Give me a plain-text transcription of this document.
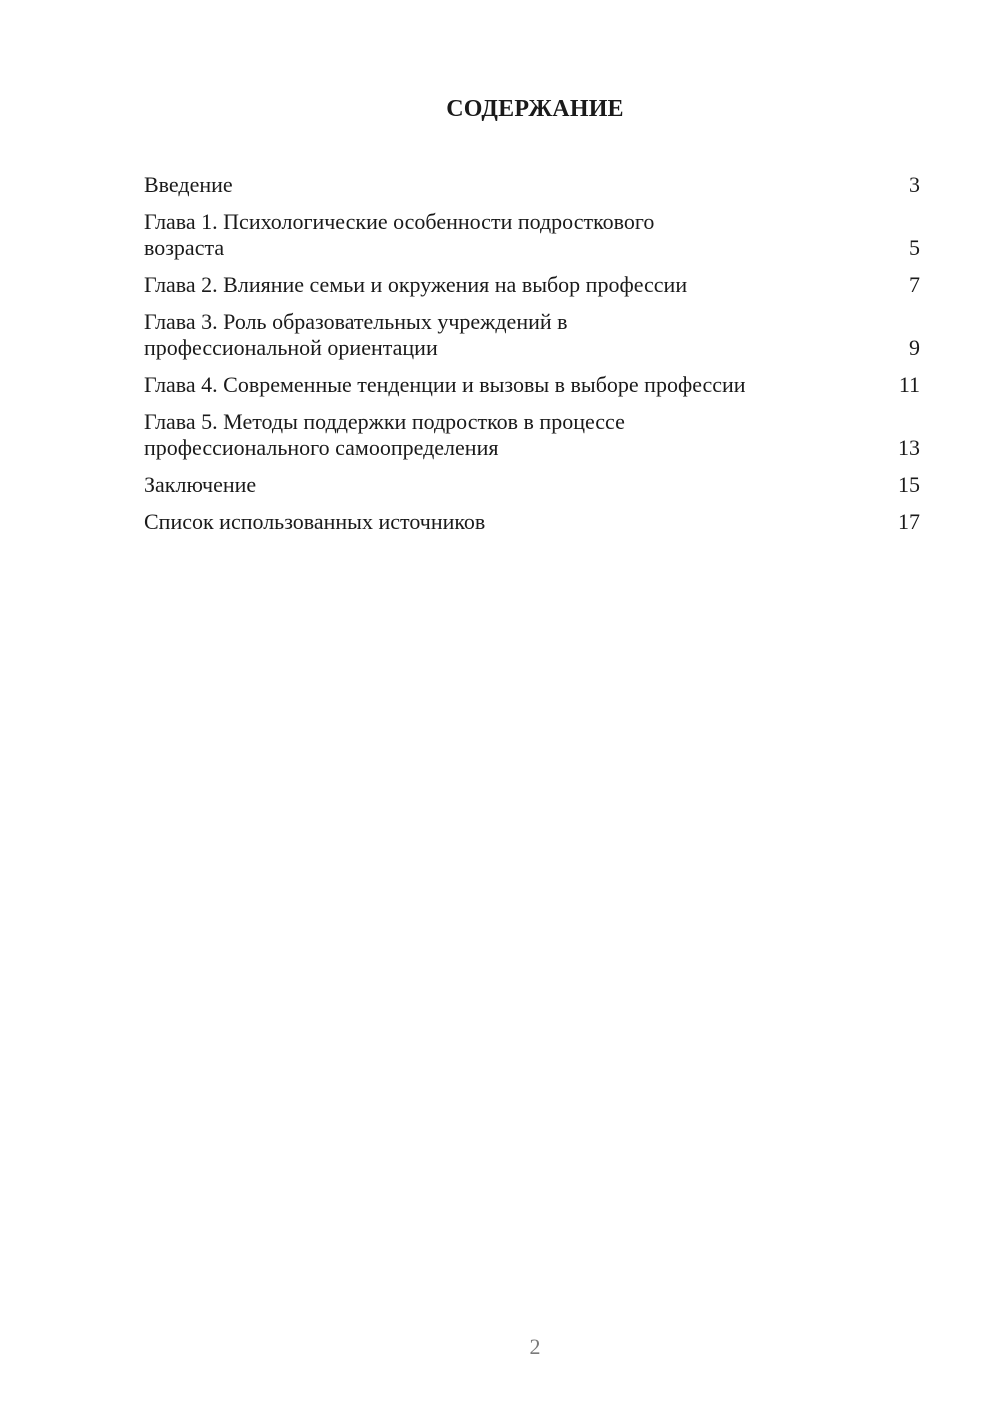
СОДЕРЖАНИЕ
Введение	3
Глава 1. Психологические особенности подросткового
возраста	5
Глава 2. Влияние семьи и окружения на выбор профессии	7
Глава 3. Роль образовательных учреждений в
профессиональной ориентации	9
Глава 4. Современные тенденции и вызовы в выборе профессии	11
Глава 5. Методы поддержки подростков в процессе
профессионального самоопределения	13
Заключение	15
Список использованных источников	17
2
